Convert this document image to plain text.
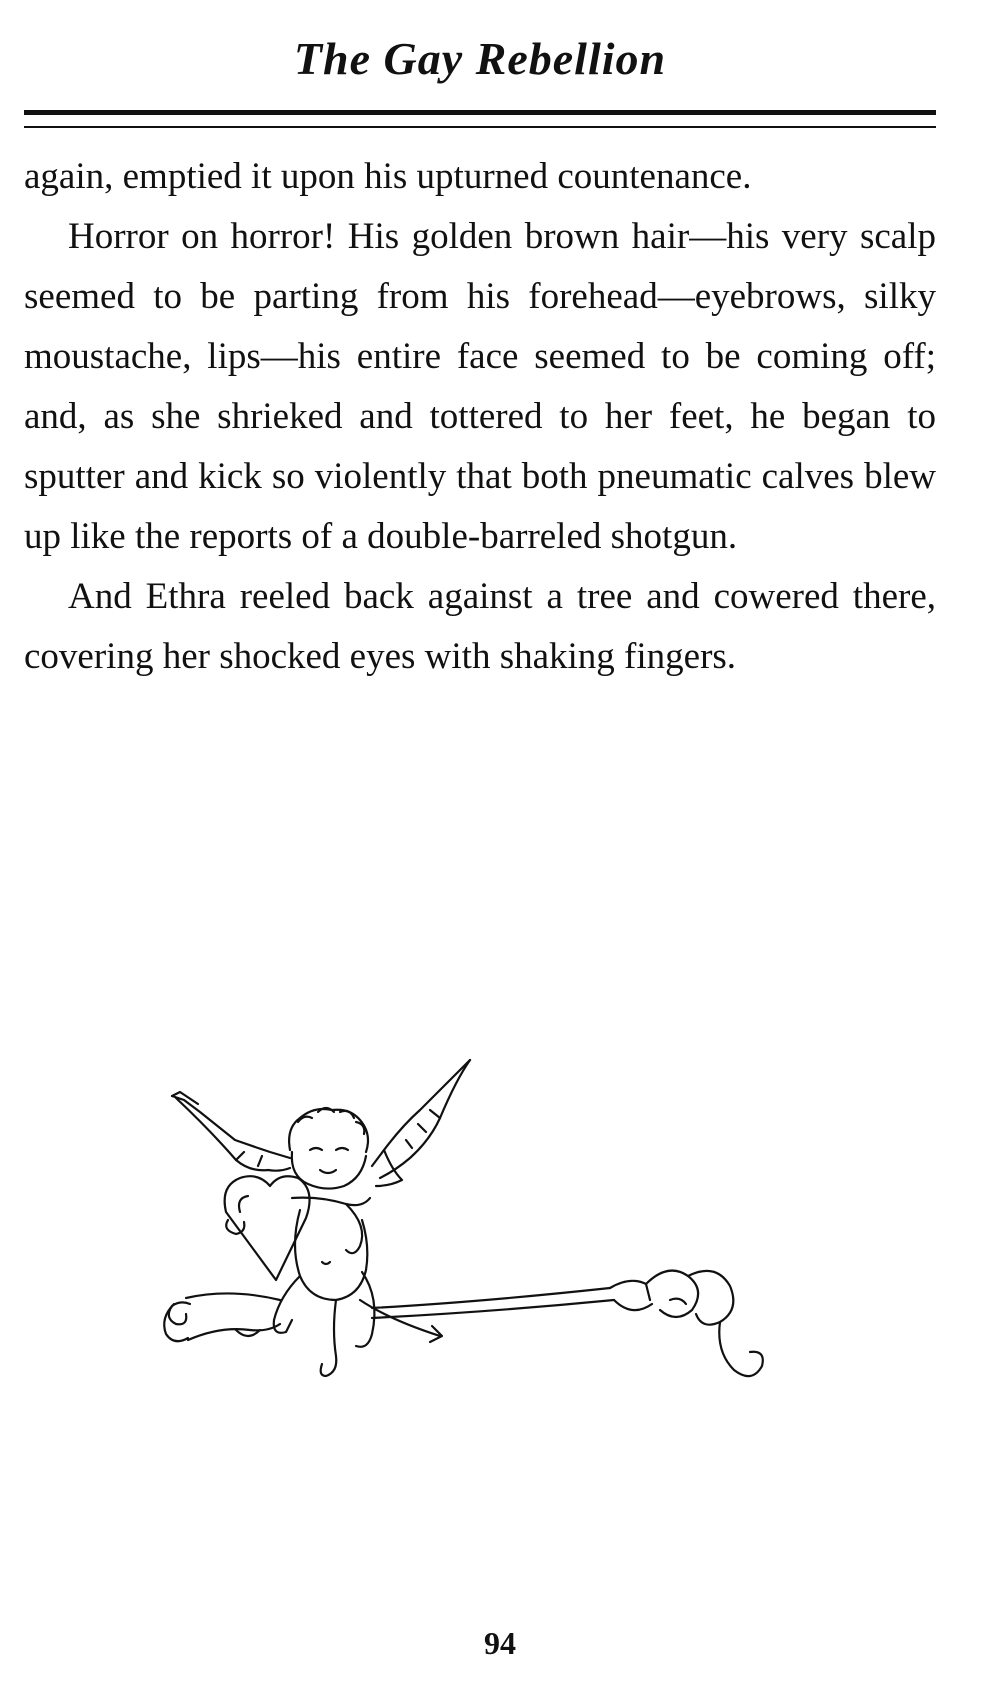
The Gay Rebellion

again, emptied it upon his upturned countenance.

Horror on horror! His golden brown hair—his very scalp seemed to be parting from his forehead—eyebrows, silky moustache, lips—his entire face seemed to be coming off; and, as she shrieked and tottered to her feet, he began to sputter and kick so violently that both pneumatic calves blew up like the reports of a double-barreled shotgun.

And Ethra reeled back against a tree and cowered there, covering her shocked eyes with shaking fingers.

94
